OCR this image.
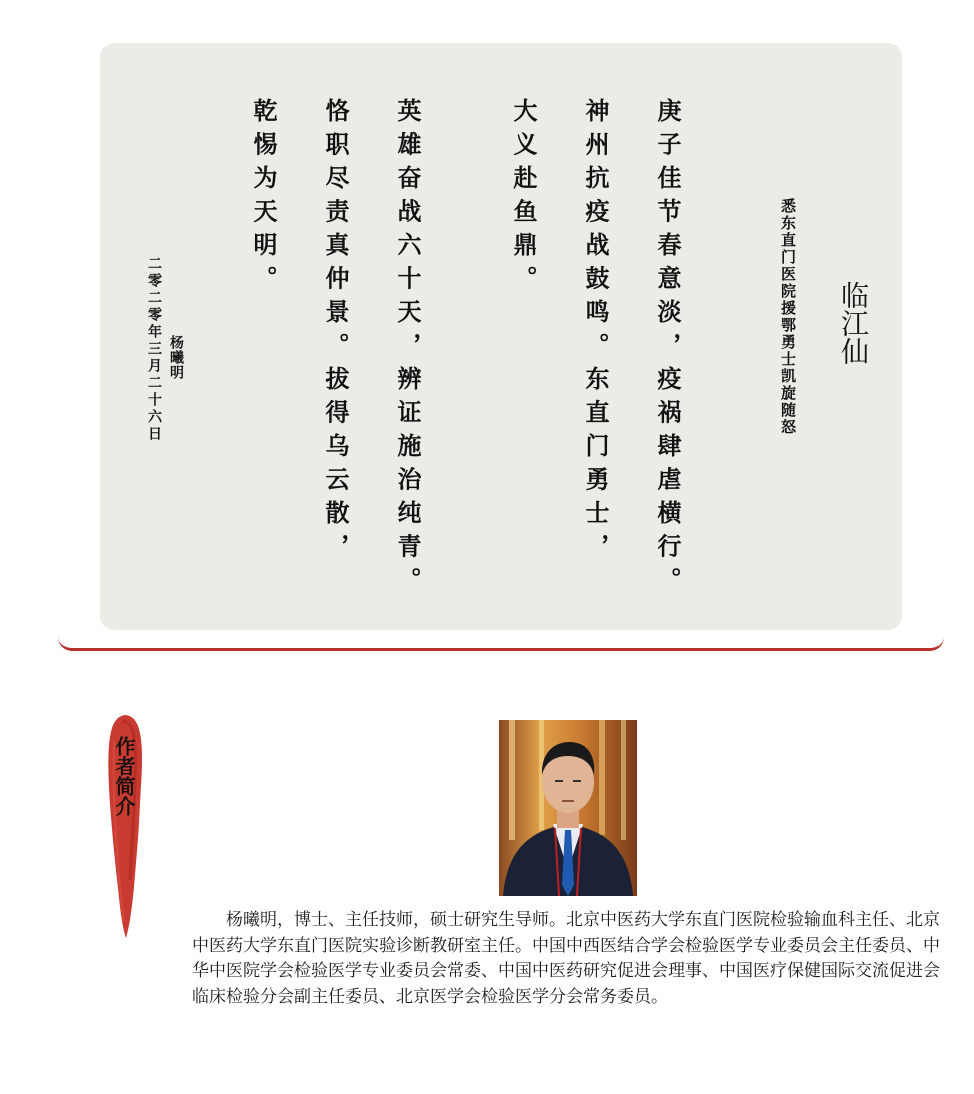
临江仙
悉东直门医院援鄂勇士凯旋随怒
庚子佳节春意淡，疫祸肆虐横行。
神州抗疫战鼓鸣。东直门勇士，
大义赴鱼鼎。
英雄奋战六十天，辨证施治纯青。
恪职尽责真仲景。拔得乌云散，
乾惕为天明。
杨曦明
二零二零年三月二十六日
作者简介

杨曦明，博士、主任技师，硕士研究生导师。北京中医药大学东直门医院检验输血科主任、北京中医药大学东直门医院实验诊断教研室主任。中国中西医结合学会检验医学专业委员会主任委员、中华中医院学会检验医学专业委员会常委、中国中医药研究促进会理事、中国医疗保健国际交流促进会临床检验分会副主任委员、北京医学会检验医学分会常务委员。
